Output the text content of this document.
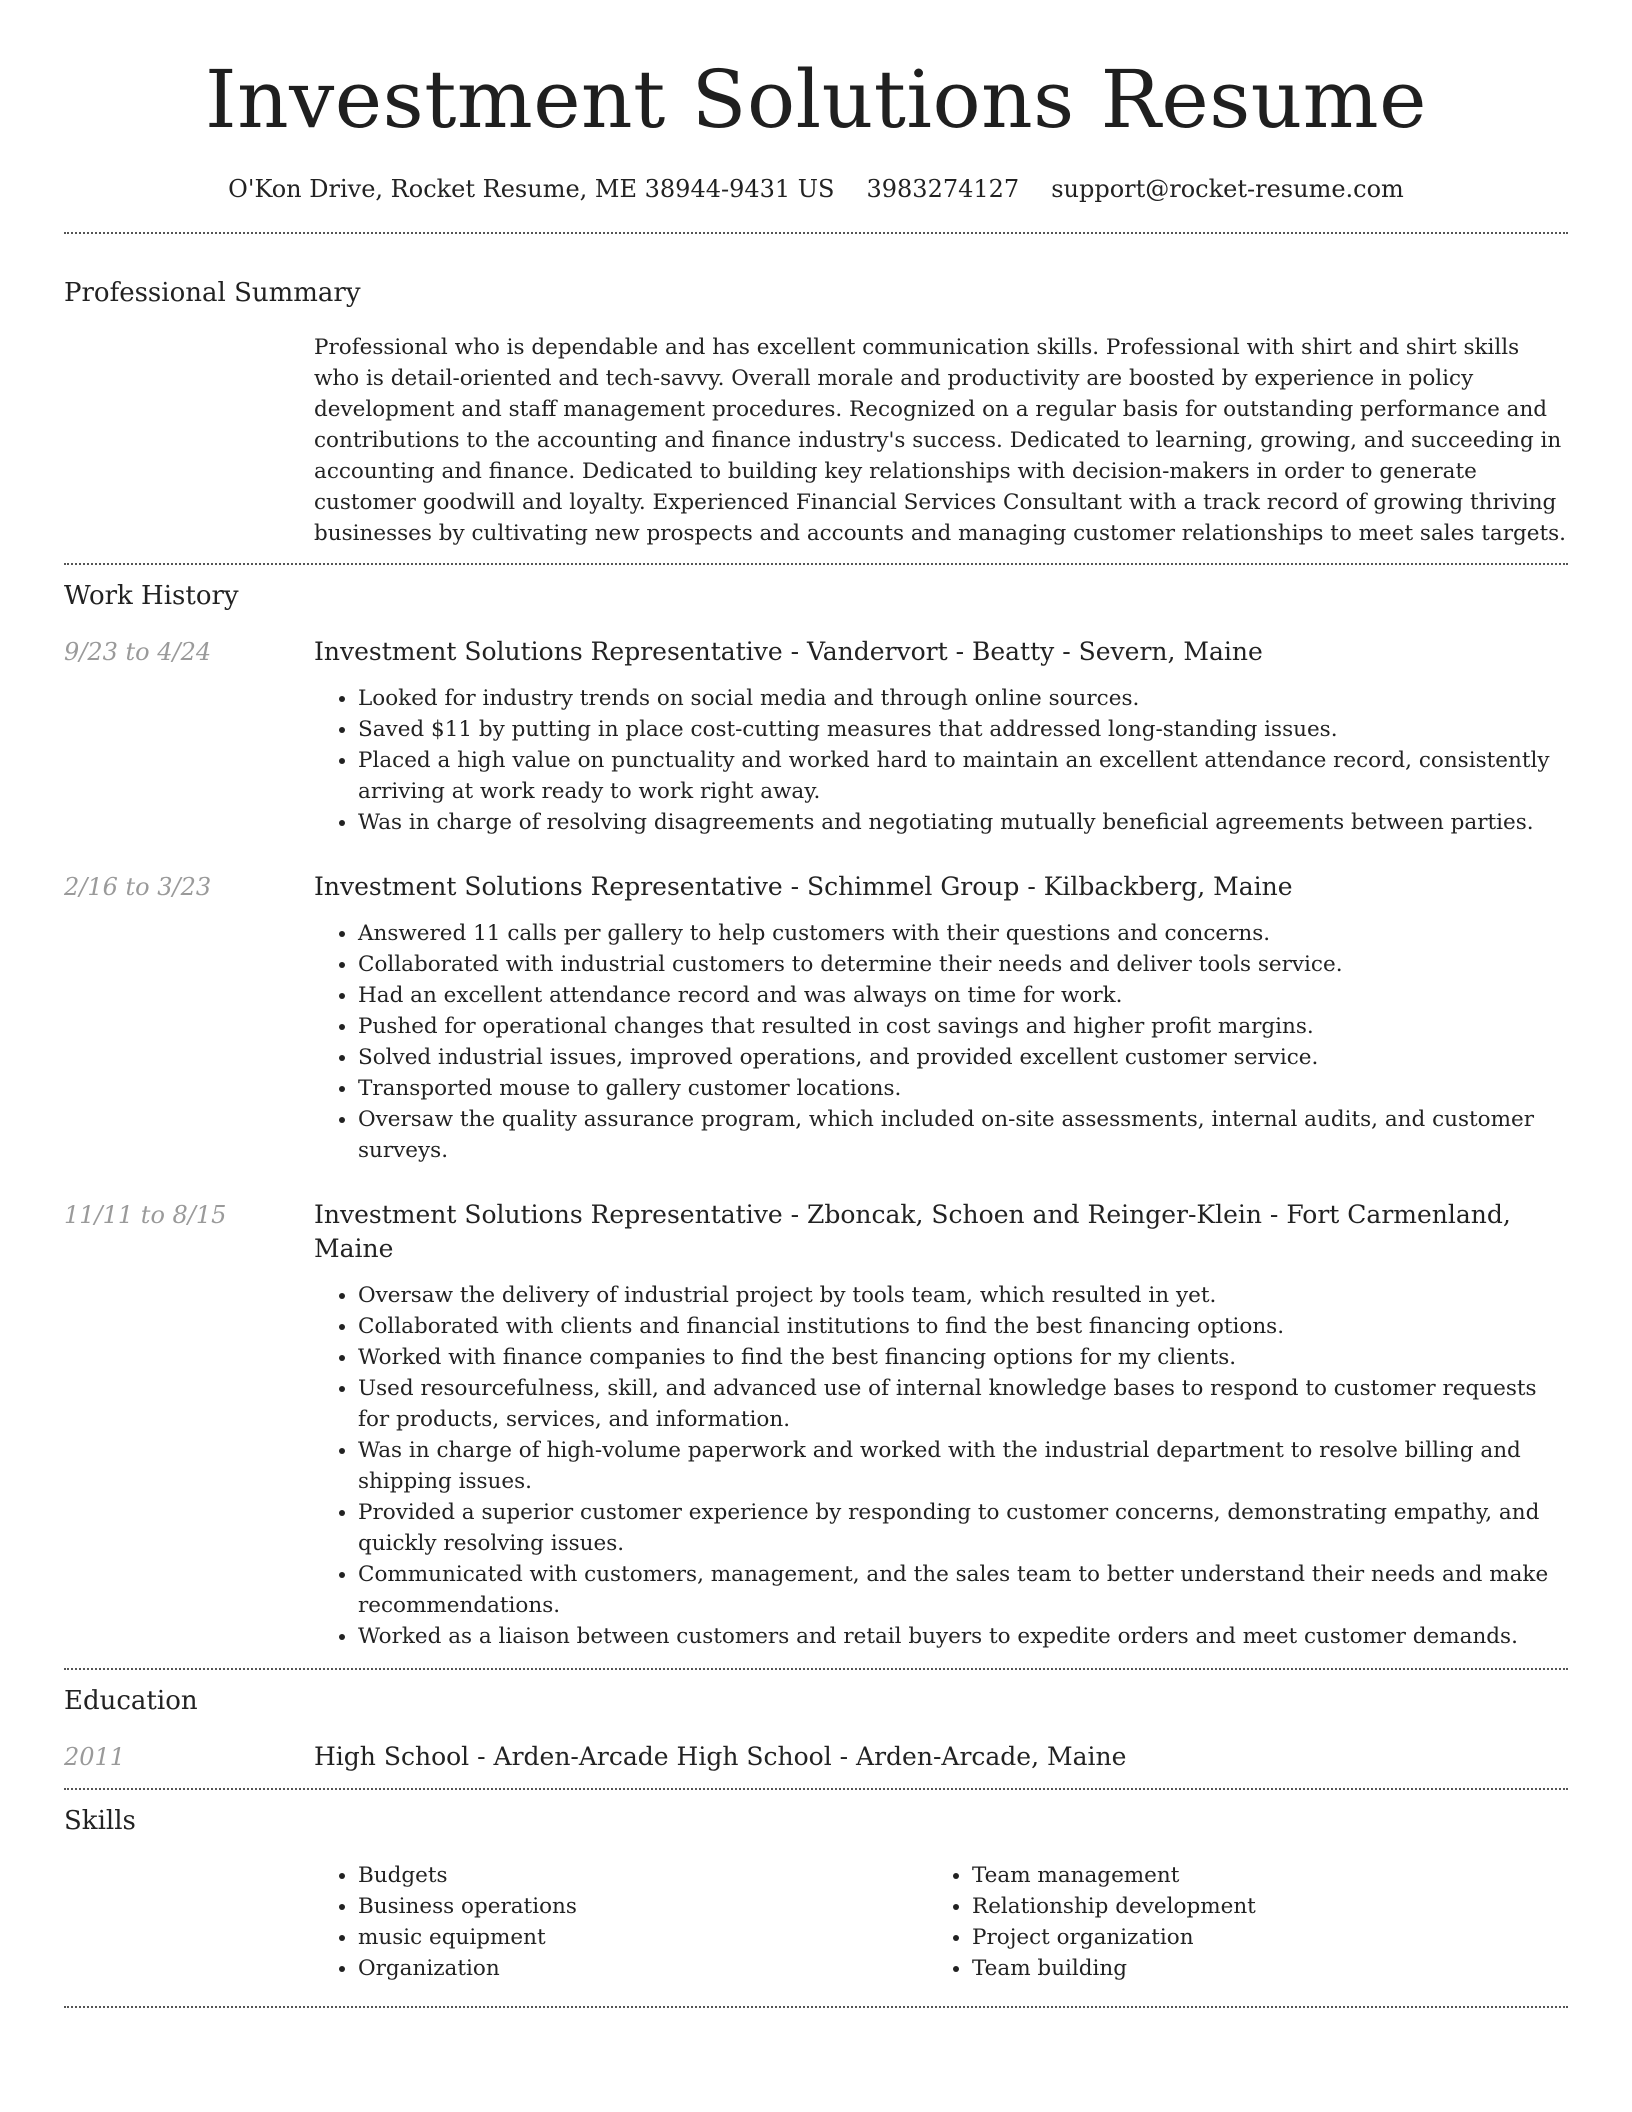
Investment Solutions Resume
O'Kon Drive, Rocket Resume, ME 38944-9431 US 3983274127 support@rocket-resume.com
Professional Summary

Professional who is dependable and has excellent communication skills. Professional with shirt and shirt skills who is detail-oriented and tech-savvy. Overall morale and productivity are boosted by experience in policy development and staff management procedures. Recognized on a regular basis for outstanding performance and contributions to the accounting and finance industry's success. Dedicated to learning, growing, and succeeding in accounting and finance. Dedicated to building key relationships with decision-makers in order to generate customer goodwill and loyalty. Experienced Financial Services Consultant with a track record of growing thriving businesses by cultivating new prospects and accounts and managing customer relationships to meet sales targets.

Work History
9/23 to 4/24	Investment Solutions Representative - Vandervort - Beatty - Severn, Maine
• Looked for industry trends on social media and through online sources.
• Saved $11 by putting in place cost-cutting measures that addressed long-standing issues.
• Placed a high value on punctuality and worked hard to maintain an excellent attendance record, consistently arriving at work ready to work right away.
• Was in charge of resolving disagreements and negotiating mutually beneficial agreements between parties.
2/16 to 3/23	Investment Solutions Representative - Schimmel Group - Kilbackberg, Maine
• Answered 11 calls per gallery to help customers with their questions and concerns.
• Collaborated with industrial customers to determine their needs and deliver tools service.
• Had an excellent attendance record and was always on time for work.
• Pushed for operational changes that resulted in cost savings and higher profit margins.
• Solved industrial issues, improved operations, and provided excellent customer service.
• Transported mouse to gallery customer locations.
• Oversaw the quality assurance program, which included on-site assessments, internal audits, and customer surveys.
11/11 to 8/15	Investment Solutions Representative - Zboncak, Schoen and Reinger-Klein - Fort Carmenland, Maine
• Oversaw the delivery of industrial project by tools team, which resulted in yet.
• Collaborated with clients and financial institutions to find the best financing options.
• Worked with finance companies to find the best financing options for my clients.
• Used resourcefulness, skill, and advanced use of internal knowledge bases to respond to customer requests for products, services, and information.
• Was in charge of high-volume paperwork and worked with the industrial department to resolve billing and shipping issues.
• Provided a superior customer experience by responding to customer concerns, demonstrating empathy, and quickly resolving issues.
• Communicated with customers, management, and the sales team to better understand their needs and make recommendations.
• Worked as a liaison between customers and retail buyers to expedite orders and meet customer demands.
Education
2011	High School - Arden-Arcade High School - Arden-Arcade, Maine
Skills
• Budgets
• Business operations
• music equipment
• Organization
• Team management
• Relationship development
• Project organization
• Team building
